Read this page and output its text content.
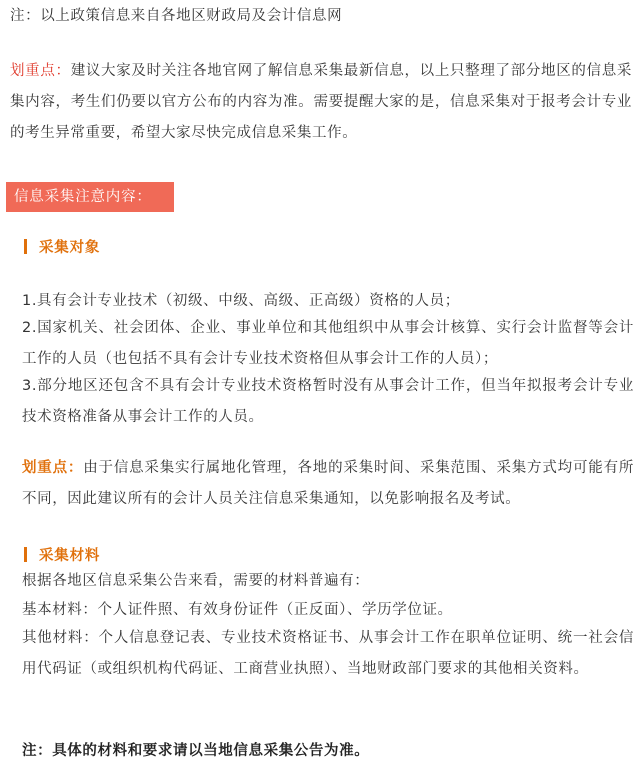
注：以上政策信息来自各地区财政局及会计信息网
划重点：建议大家及时关注各地官网了解信息采集最新信息，以上只整理了部分地区的信息采集内容，考生们仍要以官方公布的内容为准。需要提醒大家的是，信息采集对于报考会计专业的考生异常重要，希望大家尽快完成信息采集工作。
信息采集注意内容：
采集对象
1.具有会计专业技术（初级、中级、高级、正高级）资格的人员；
2.国家机关、社会团体、企业、事业单位和其他组织中从事会计核算、实行会计监督等会计工作的人员（也包括不具有会计专业技术资格但从事会计工作的人员）；
3.部分地区还包含不具有会计专业技术资格暂时没有从事会计工作，但当年拟报考会计专业技术资格准备从事会计工作的人员。
划重点：由于信息采集实行属地化管理，各地的采集时间、采集范围、采集方式均可能有所不同，因此建议所有的会计人员关注信息采集通知，以免影响报名及考试。
采集材料
根据各地区信息采集公告来看，需要的材料普遍有：
基本材料：个人证件照、有效身份证件（正反面）、学历学位证。
其他材料：个人信息登记表、专业技术资格证书、从事会计工作在职单位证明、统一社会信用代码证（或组织机构代码证、工商营业执照）、当地财政部门要求的其他相关资料。
注：具体的材料和要求请以当地信息采集公告为准。
